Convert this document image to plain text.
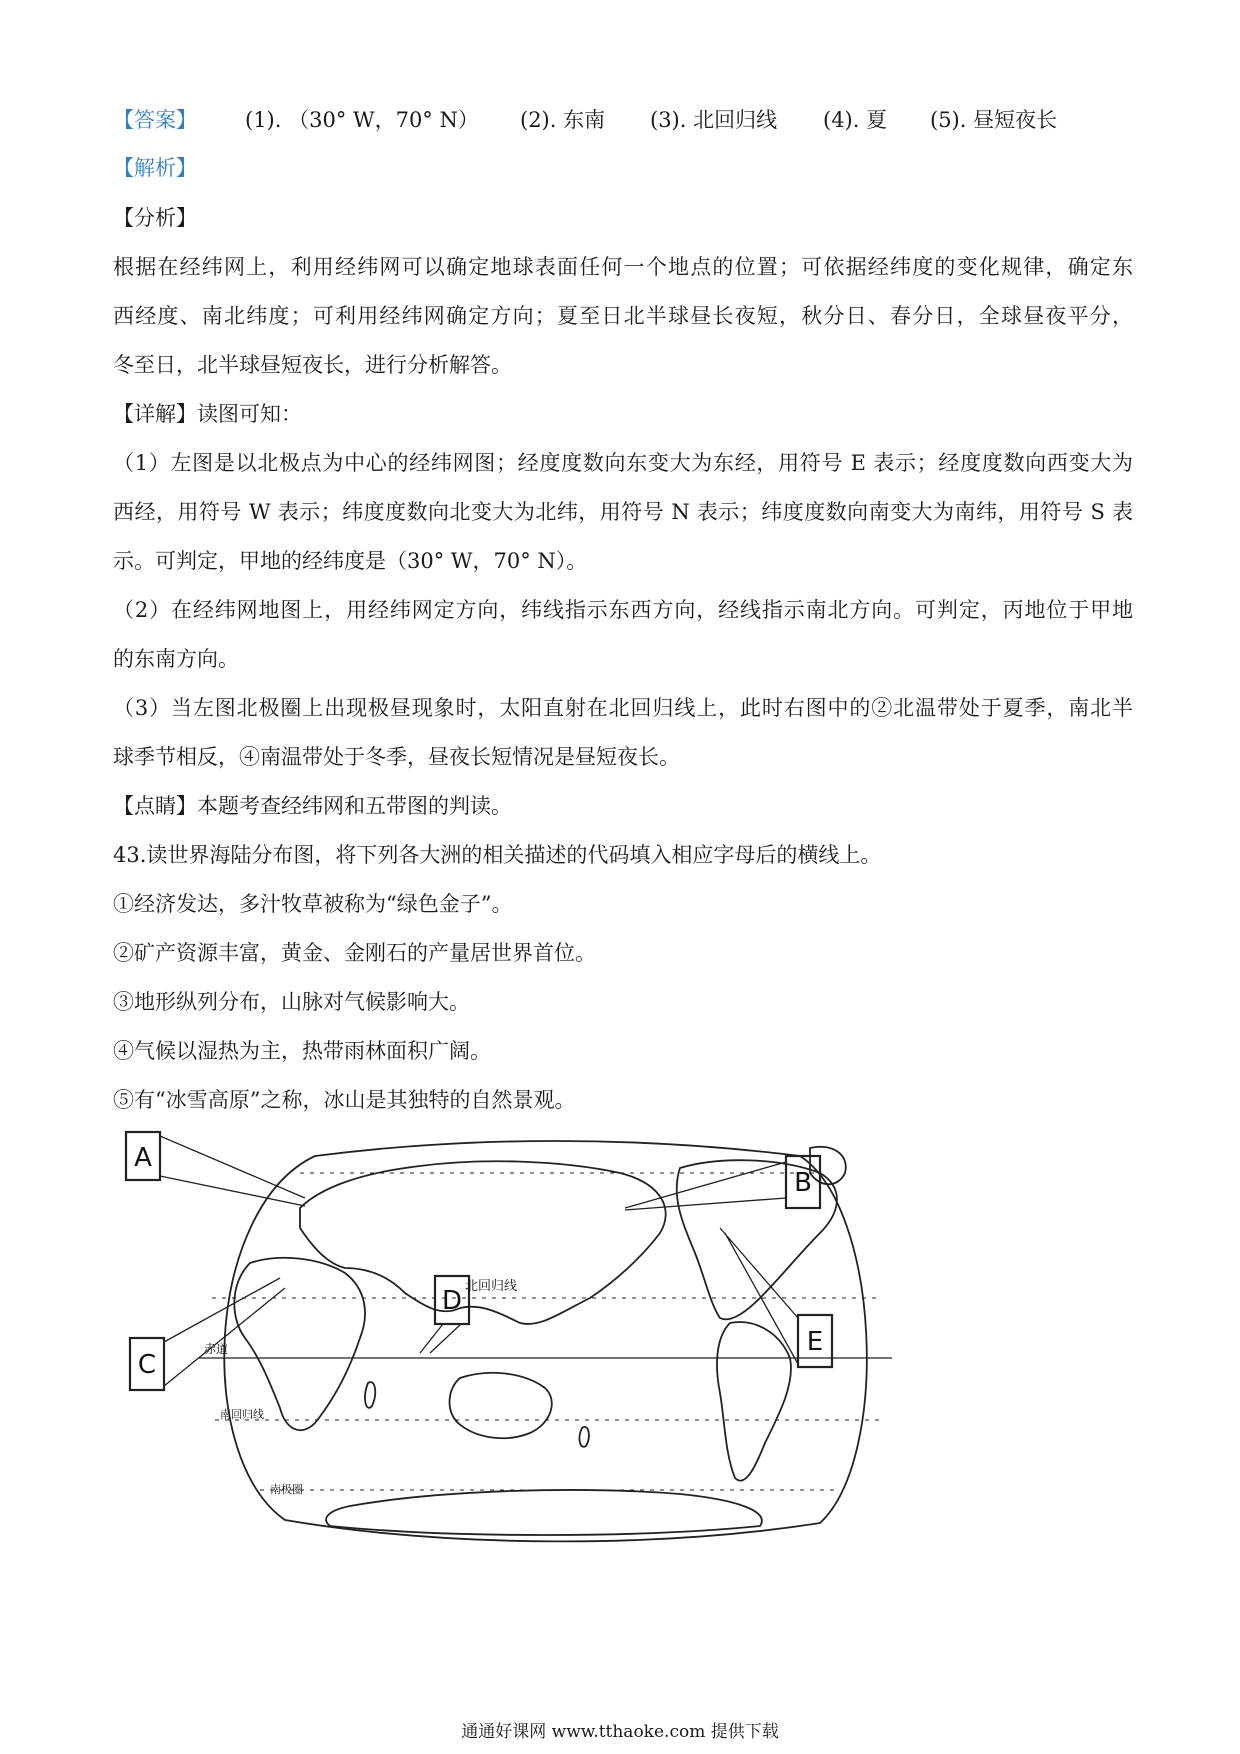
【答案】 (1). （30° W，70° N） (2). 东南 (3). 北回归线 (4). 夏 (5). 昼短夜长
【解析】
【分析】
根据在经纬网上，利用经纬网可以确定地球表面任何一个地点的位置；可依据经纬度的变化规律，确定东
西经度、南北纬度；可利用经纬网确定方向；夏至日北半球昼长夜短，秋分日、春分日，全球昼夜平分，
冬至日，北半球昼短夜长，进行分析解答。
【详解】读图可知：
（1）左图是以北极点为中心的经纬网图；经度度数向东变大为东经，用符号 E 表示；经度度数向西变大为
西经，用符号 W 表示；纬度度数向北变大为北纬，用符号 N 表示；纬度度数向南变大为南纬，用符号 S 表
示。可判定，甲地的经纬度是（30° W，70° N）。
（2）在经纬网地图上，用经纬网定方向，纬线指示东西方向，经线指示南北方向。可判定，丙地位于甲地
的东南方向。
（3）当左图北极圈上出现极昼现象时，太阳直射在北回归线上，此时右图中的②北温带处于夏季，南北半
球季节相反，④南温带处于冬季，昼夜长短情况是昼短夜长。
【点睛】本题考查经纬网和五带图的判读。
43.读世界海陆分布图，将下列各大洲的相关描述的代码填入相应字母后的横线上。
①经济发达，多汁牧草被称为“绿色金子”。
②矿产资源丰富，黄金、金刚石的产量居世界首位。
③地形纵列分布，山脉对气候影响大。
④气候以湿热为主，热带雨林面积广阔。
⑤有“冰雪高原”之称，冰山是其独特的自然景观。
北回归线
赤道
南回归线
南极圈
A
B
C
D
E
通通好课网 www.tthaoke.com 提供下载
